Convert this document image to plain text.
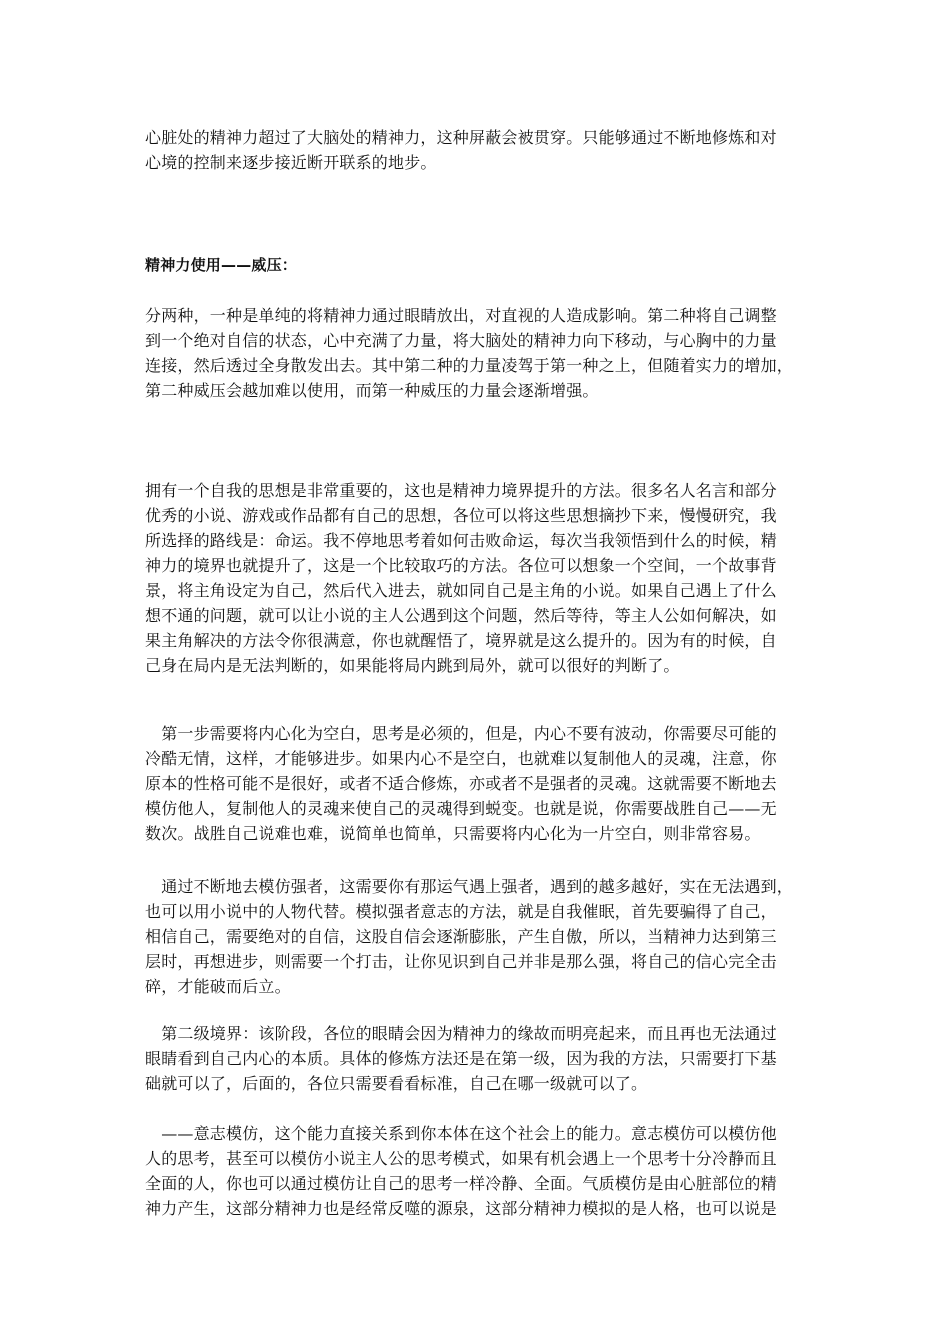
心脏处的精神力超过了大脑处的精神力，这种屏蔽会被贯穿。只能够通过不断地修炼和对
心境的控制来逐步接近断开联系的地步。
精神力使用——威压：
分两种，一种是单纯的将精神力通过眼睛放出，对直视的人造成影响。第二种将自己调整
到一个绝对自信的状态，心中充满了力量，将大脑处的精神力向下移动，与心胸中的力量
连接，然后透过全身散发出去。其中第二种的力量凌驾于第一种之上，但随着实力的增加，
第二种威压会越加难以使用，而第一种威压的力量会逐渐增强。
拥有一个自我的思想是非常重要的，这也是精神力境界提升的方法。很多名人名言和部分
优秀的小说、游戏或作品都有自己的思想，各位可以将这些思想摘抄下来，慢慢研究，我
所选择的路线是：命运。我不停地思考着如何击败命运，每次当我领悟到什么的时候，精
神力的境界也就提升了，这是一个比较取巧的方法。各位可以想象一个空间，一个故事背
景，将主角设定为自己，然后代入进去，就如同自己是主角的小说。如果自己遇上了什么
想不通的问题，就可以让小说的主人公遇到这个问题，然后等待，等主人公如何解决，如
果主角解决的方法令你很满意，你也就醒悟了，境界就是这么提升的。因为有的时候，自
己身在局内是无法判断的，如果能将局内跳到局外，就可以很好的判断了。
　第一步需要将内心化为空白，思考是必须的，但是，内心不要有波动，你需要尽可能的
冷酷无情，这样，才能够进步。如果内心不是空白，也就难以复制他人的灵魂，注意，你
原本的性格可能不是很好，或者不适合修炼，亦或者不是强者的灵魂。这就需要不断地去
模仿他人，复制他人的灵魂来使自己的灵魂得到蜕变。也就是说，你需要战胜自己——无
数次。战胜自己说难也难，说简单也简单，只需要将内心化为一片空白，则非常容易。
　通过不断地去模仿强者，这需要你有那运气遇上强者，遇到的越多越好，实在无法遇到，
也可以用小说中的人物代替。模拟强者意志的方法，就是自我催眠，首先要骗得了自己，
相信自己，需要绝对的自信，这股自信会逐渐膨胀，产生自傲，所以，当精神力达到第三
层时，再想进步，则需要一个打击，让你见识到自己并非是那么强，将自己的信心完全击
碎，才能破而后立。
　第二级境界：该阶段，各位的眼睛会因为精神力的缘故而明亮起来，而且再也无法通过
眼睛看到自己内心的本质。具体的修炼方法还是在第一级，因为我的方法，只需要打下基
础就可以了，后面的，各位只需要看看标准，自己在哪一级就可以了。
　——意志模仿，这个能力直接关系到你本体在这个社会上的能力。意志模仿可以模仿他
人的思考，甚至可以模仿小说主人公的思考模式，如果有机会遇上一个思考十分冷静而且
全面的人，你也可以通过模仿让自己的思考一样冷静、全面。气质模仿是由心脏部位的精
神力产生，这部分精神力也是经常反噬的源泉，这部分精神力模拟的是人格，也可以说是
